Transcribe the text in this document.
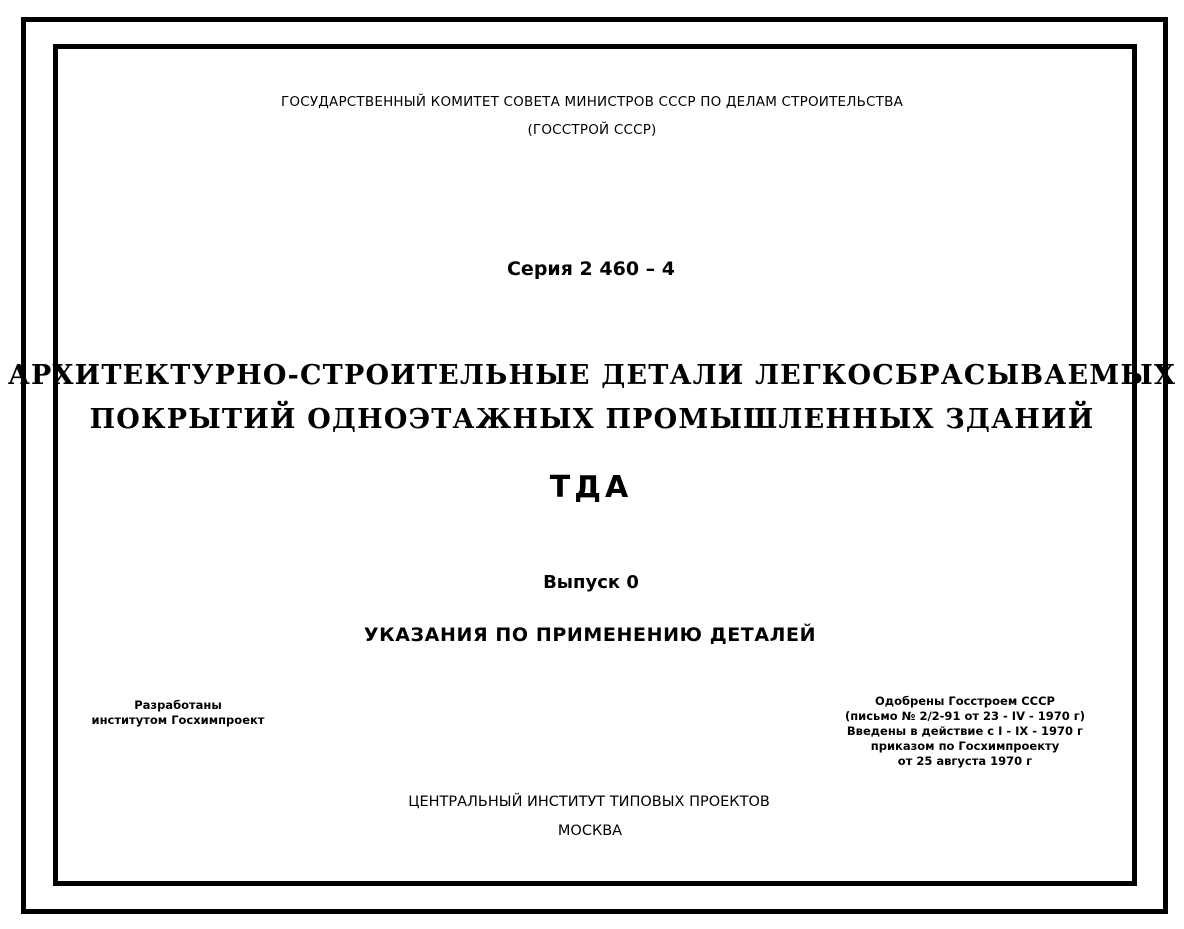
ГОСУДАРСТВЕННЫЙ КОМИТЕТ СОВЕТА МИНИСТРОВ СССР ПО ДЕЛАМ СТРОИТЕЛЬСТВА
(ГОССТРОЙ СССР)
Серия 2 460 – 4
АРХИТЕКТУРНО-СТРОИТЕЛЬНЫЕ ДЕТАЛИ ЛЕГКОСБРАСЫВАЕМЫХ
ПОКРЫТИЙ ОДНОЭТАЖНЫХ ПРОМЫШЛЕННЫХ ЗДАНИЙ
ТДА
Выпуск 0
УКАЗАНИЯ ПО ПРИМЕНЕНИЮ ДЕТАЛЕЙ
Разработаны
институтом Госхимпроект
Одобрены Госстроем СССР
(письмо № 2/2-91 от 23 - IV - 1970 г)
Введены в действие с I - IX - 1970 г
приказом по Госхимпроекту
от 25 августа 1970 г
ЦЕНТРАЛЬНЫЙ ИНСТИТУТ ТИПОВЫХ ПРОЕКТОВ
МОСКВА
